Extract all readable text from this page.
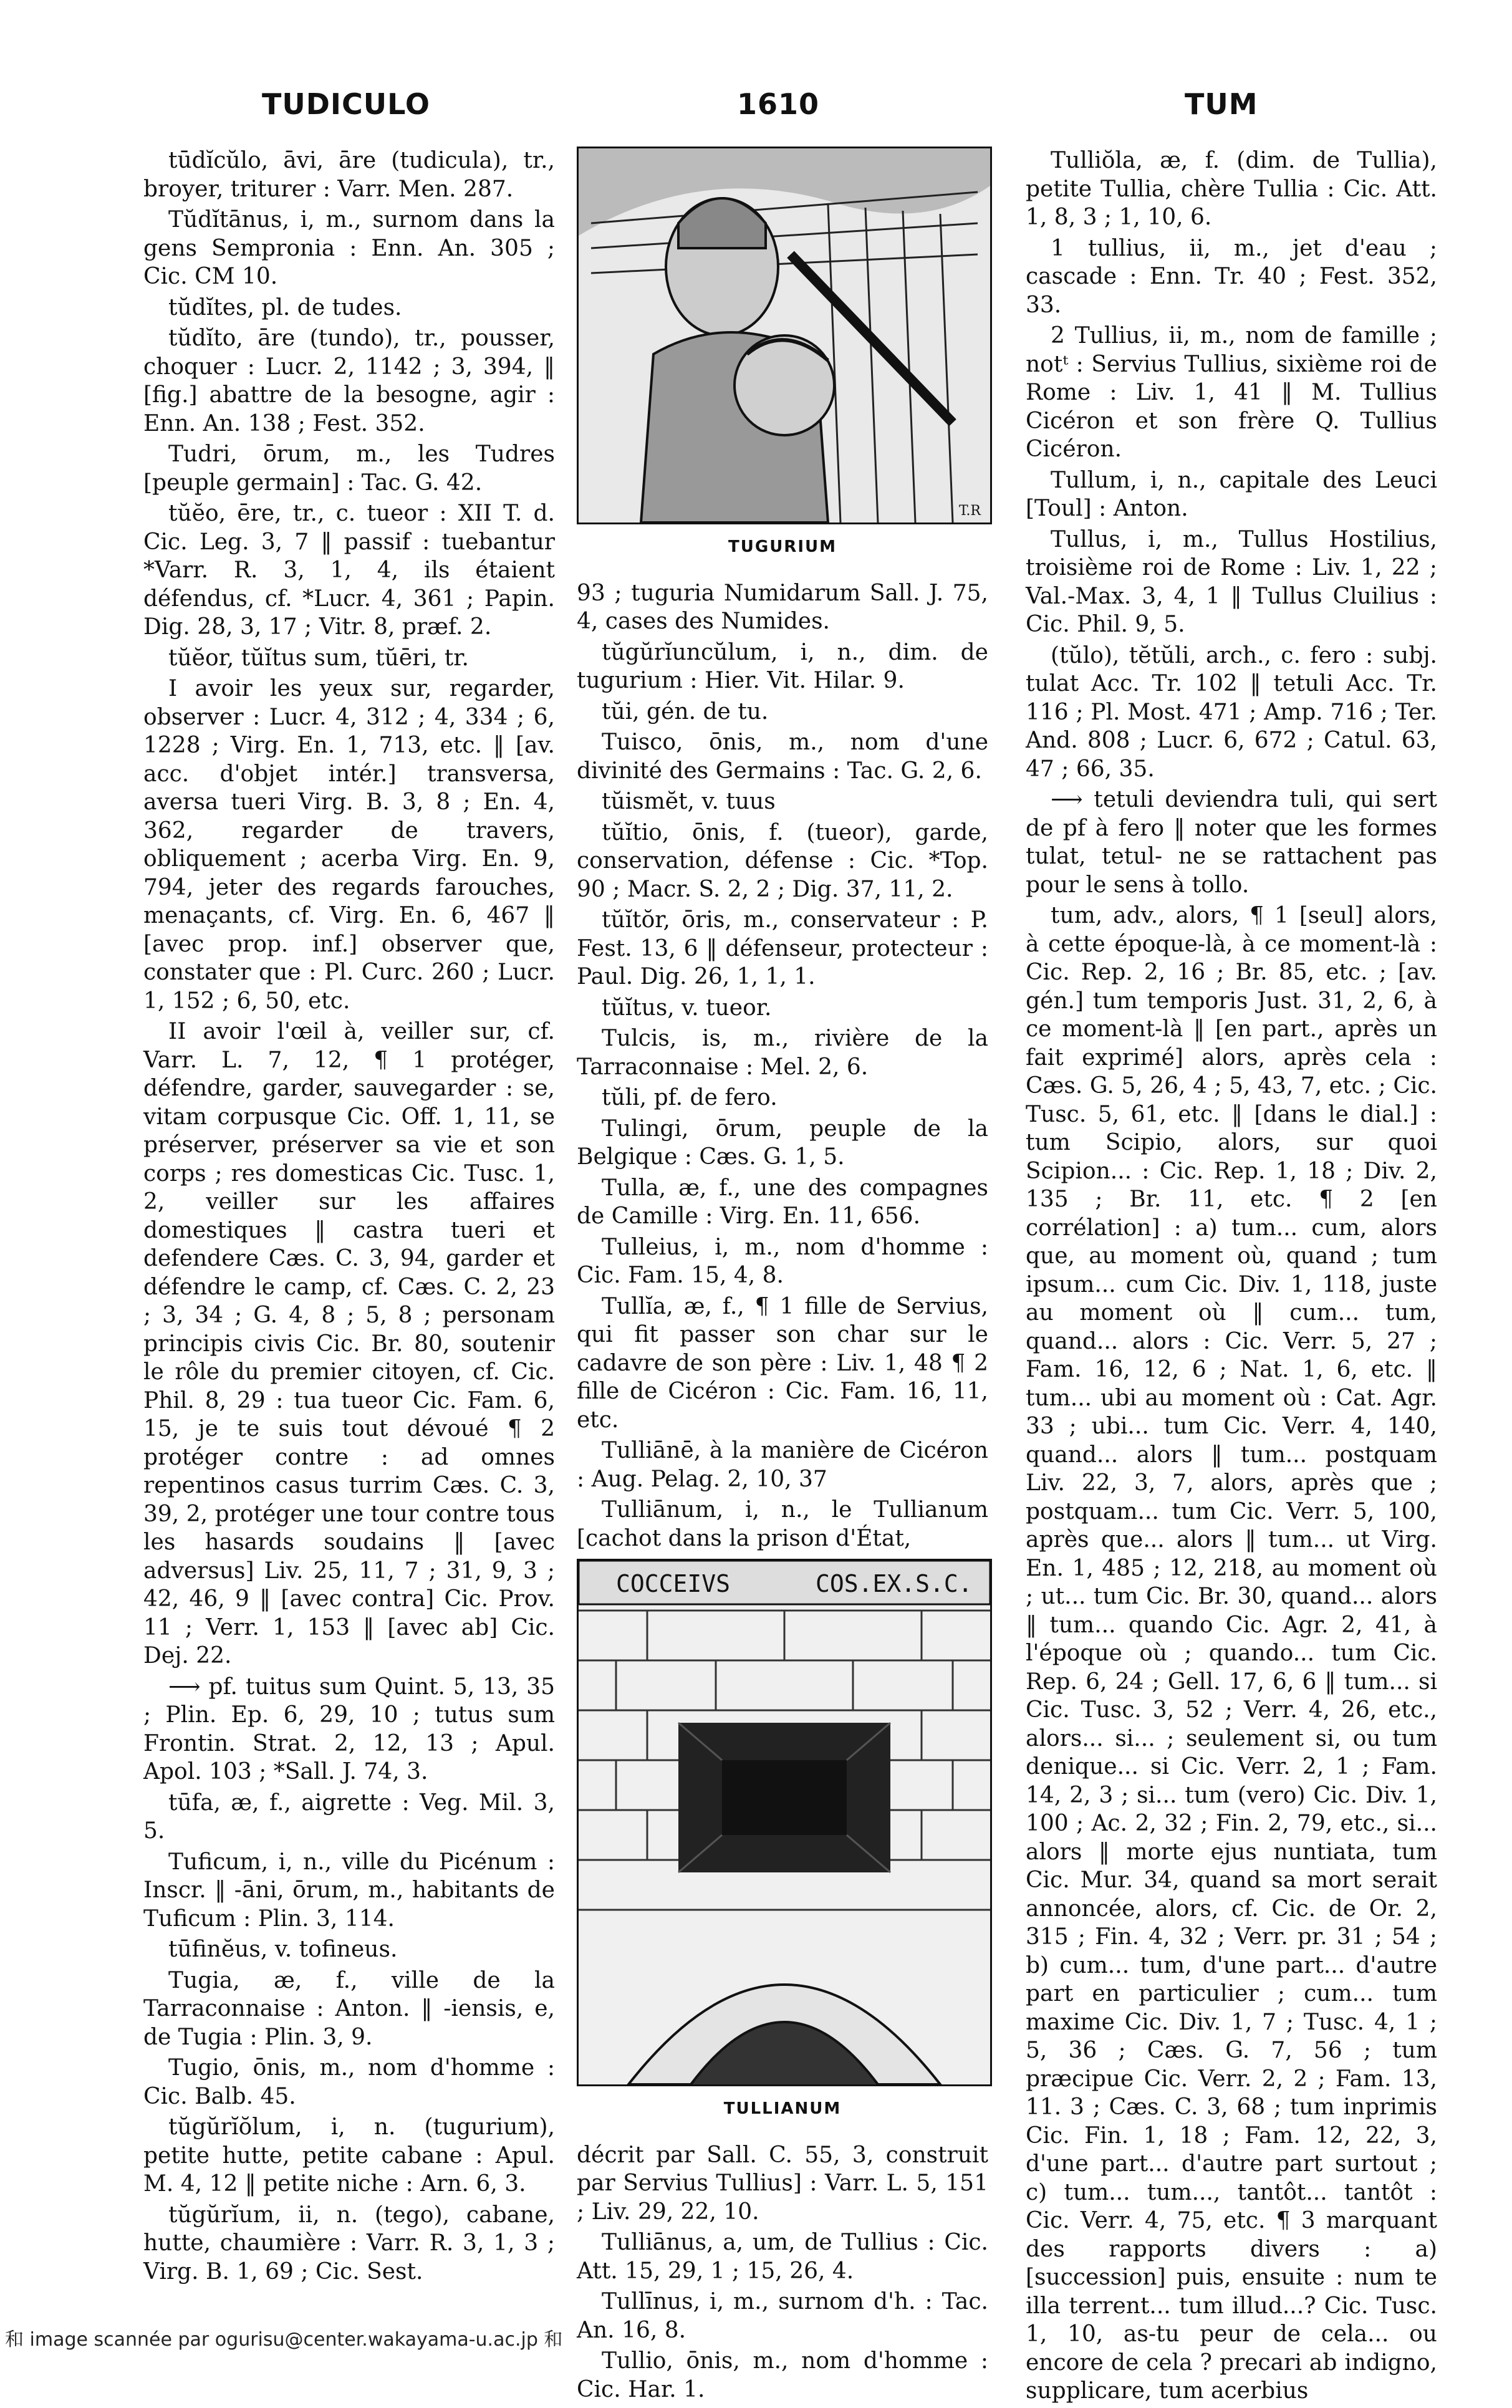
TUDICULO	1610	TUM

tūdĭcŭlo, āvi, āre (tudicula), tr., broyer, triturer : Varr. Men. 287.

Tŭdĭtānus, i, m., surnom dans la gens Sempronia : Enn. An. 305 ; Cic. CM 10.

tŭdĭtes, pl. de tudes.

tŭdĭto, āre (tundo), tr., pousser, choquer : Lucr. 2, 1142 ; 3, 394, ‖ [fig.] abattre de la besogne, agir : Enn. An. 138 ; Fest. 352.

Tudri, ōrum, m., les Tudres [peuple germain] : Tac. G. 42.

tŭĕo, ēre, tr., c. tueor : XII T. d. Cic. Leg. 3, 7 ‖ passif : tuebantur *Varr. R. 3, 1, 4, ils étaient défendus, cf. *Lucr. 4, 361 ; Papin. Dig. 28, 3, 17 ; Vitr. 8, præf. 2.

tŭĕor, tŭĭtus sum, tŭēri, tr.

I avoir les yeux sur, regarder, observer : Lucr. 4, 312 ; 4, 334 ; 6, 1228 ; Virg. En. 1, 713, etc. ‖ [av. acc. d'objet intér.] transversa, aversa tueri Virg. B. 3, 8 ; En. 4, 362, regarder de travers, obliquement ; acerba Virg. En. 9, 794, jeter des regards farouches, menaçants, cf. Virg. En. 6, 467 ‖ [avec prop. inf.] observer que, constater que : Pl. Curc. 260 ; Lucr. 1, 152 ; 6, 50, etc.

II avoir l'œil à, veiller sur, cf. Varr. L. 7, 12, ¶ 1 protéger, défendre, garder, sauvegarder : se, vitam corpusque Cic. Off. 1, 11, se préserver, préserver sa vie et son corps ; res domesticas Cic. Tusc. 1, 2, veiller sur les affaires domestiques ‖ castra tueri et defendere Cæs. C. 3, 94, garder et défendre le camp, cf. Cæs. C. 2, 23 ; 3, 34 ; G. 4, 8 ; 5, 8 ; personam principis civis Cic. Br. 80, soutenir le rôle du premier citoyen, cf. Cic. Phil. 8, 29 : tua tueor Cic. Fam. 6, 15, je te suis tout dévoué ¶ 2 protéger contre : ad omnes repentinos casus turrim Cæs. C. 3, 39, 2, protéger une tour contre tous les hasards soudains ‖ [avec adversus] Liv. 25, 11, 7 ; 31, 9, 3 ; 42, 46, 9 ‖ [avec contra] Cic. Prov. 11 ; Verr. 1, 153 ‖ [avec ab] Cic. Dej. 22.

⟶ pf. tuitus sum Quint. 5, 13, 35 ; Plin. Ep. 6, 29, 10 ; tutus sum Frontin. Strat. 2, 12, 13 ; Apul. Apol. 103 ; *Sall. J. 74, 3.

tūfa, æ, f., aigrette : Veg. Mil. 3, 5.

Tuficum, i, n., ville du Picénum : Inscr. ‖ -āni, ōrum, m., habitants de Tuficum : Plin. 3, 114.

tūfinĕus, v. tofineus.

Tugia, æ, f., ville de la Tarraconnaise : Anton. ‖ -iensis, e, de Tugia : Plin. 3, 9.

Tugio, ōnis, m., nom d'homme : Cic. Balb. 45.

tŭgŭrĭŏlum, i, n. (tugurium), petite hutte, petite cabane : Apul. M. 4, 12 ‖ petite niche : Arn. 6, 3.

tŭgŭrĭum, ii, n. (tego), cabane, hutte, chaumière : Varr. R. 3, 1, 3 ; Virg. B. 1, 69 ; Cic. Sest.

T.R
TUGURIUM

93 ; tuguria Numidarum Sall. J. 75, 4, cases des Numides.

tŭgŭrĭuncŭlum, i, n., dim. de tugurium : Hier. Vit. Hilar. 9.

tŭi, gén. de tu.

Tuisco, ōnis, m., nom d'une divinité des Germains : Tac. G. 2, 6.

tŭismĕt, v. tuus

tŭĭtio, ōnis, f. (tueor), garde, conservation, défense : Cic. *Top. 90 ; Macr. S. 2, 2 ; Dig. 37, 11, 2.

tŭĭtŏr, ōris, m., conservateur : P. Fest. 13, 6 ‖ défenseur, protecteur : Paul. Dig. 26, 1, 1, 1.

tŭĭtus, v. tueor.

Tulcis, is, m., rivière de la Tarraconnaise : Mel. 2, 6.

tŭli, pf. de fero.

Tulingi, ōrum, peuple de la Belgique : Cæs. G. 1, 5.

Tulla, æ, f., une des compagnes de Camille : Virg. En. 11, 656.

Tulleius, i, m., nom d'homme : Cic. Fam. 15, 4, 8.

Tullĭa, æ, f., ¶ 1 fille de Servius, qui fit passer son char sur le cadavre de son père : Liv. 1, 48 ¶ 2 fille de Cicéron : Cic. Fam. 16, 11, etc.

Tulliānē, à la manière de Cicéron : Aug. Pelag. 2, 10, 37

Tulliānum, i, n., le Tullianum [cachot dans la prison d'État,

COCCEIVS	COS.EX.S.C.
TULLIANUM

décrit par Sall. C. 55, 3, construit par Servius Tullius] : Varr. L. 5, 151 ; Liv. 29, 22, 10.

Tulliānus, a, um, de Tullius : Cic. Att. 15, 29, 1 ; 15, 26, 4.

Tullīnus, i, m., surnom d'h. : Tac. An. 16, 8.

Tullio, ōnis, m., nom d'homme : Cic. Har. 1.

Tulliŏla, æ, f. (dim. de Tullia), petite Tullia, chère Tullia : Cic. Att. 1, 8, 3 ; 1, 10, 6.

1 tullius, ii, m., jet d'eau ; cascade : Enn. Tr. 40 ; Fest. 352, 33.

2 Tullius, ii, m., nom de famille ; notᵗ : Servius Tullius, sixième roi de Rome : Liv. 1, 41 ‖ M. Tullius Cicéron et son frère Q. Tullius Cicéron.

Tullum, i, n., capitale des Leuci [Toul] : Anton.

Tullus, i, m., Tullus Hostilius, troisième roi de Rome : Liv. 1, 22 ; Val.-Max. 3, 4, 1 ‖ Tullus Cluilius : Cic. Phil. 9, 5.

(tŭlo), tĕtŭli, arch., c. fero : subj. tulat Acc. Tr. 102 ‖ tetuli Acc. Tr. 116 ; Pl. Most. 471 ; Amp. 716 ; Ter. And. 808 ; Lucr. 6, 672 ; Catul. 63, 47 ; 66, 35.

⟶ tetuli deviendra tuli, qui sert de pf à fero ‖ noter que les formes tulat, tetul- ne se rattachent pas pour le sens à tollo.

tum, adv., alors, ¶ 1 [seul] alors, à cette époque-là, à ce moment-là : Cic. Rep. 2, 16 ; Br. 85, etc. ; [av. gén.] tum temporis Just. 31, 2, 6, à ce moment-là ‖ [en part., après un fait exprimé] alors, après cela : Cæs. G. 5, 26, 4 ; 5, 43, 7, etc. ; Cic. Tusc. 5, 61, etc. ‖ [dans le dial.] : tum Scipio, alors, sur quoi Scipion... : Cic. Rep. 1, 18 ; Div. 2, 135 ; Br. 11, etc. ¶ 2 [en corrélation] : a) tum... cum, alors que, au moment où, quand ; tum ipsum... cum Cic. Div. 1, 118, juste au moment où ‖ cum... tum, quand... alors : Cic. Verr. 5, 27 ; Fam. 16, 12, 6 ; Nat. 1, 6, etc. ‖ tum... ubi au moment où : Cat. Agr. 33 ; ubi... tum Cic. Verr. 4, 140, quand... alors ‖ tum... postquam Liv. 22, 3, 7, alors, après que ; postquam... tum Cic. Verr. 5, 100, après que... alors ‖ tum... ut Virg. En. 1, 485 ; 12, 218, au moment où ; ut... tum Cic. Br. 30, quand... alors ‖ tum... quando Cic. Agr. 2, 41, à l'époque où ; quando... tum Cic. Rep. 6, 24 ; Gell. 17, 6, 6 ‖ tum... si Cic. Tusc. 3, 52 ; Verr. 4, 26, etc., alors... si... ; seulement si, ou tum denique... si Cic. Verr. 2, 1 ; Fam. 14, 2, 3 ; si... tum (vero) Cic. Div. 1, 100 ; Ac. 2, 32 ; Fin. 2, 79, etc., si... alors ‖ morte ejus nuntiata, tum Cic. Mur. 34, quand sa mort serait annoncée, alors, cf. Cic. de Or. 2, 315 ; Fin. 4, 32 ; Verr. pr. 31 ; 54 ; b) cum... tum, d'une part... d'autre part en particulier ; cum... tum maxime Cic. Div. 1, 7 ; Tusc. 4, 1 ; 5, 36 ; Cæs. G. 7, 56 ; tum præcipue Cic. Verr. 2, 2 ; Fam. 13, 11. 3 ; Cæs. C. 3, 68 ; tum inprimis Cic. Fin. 1, 18 ; Fam. 12, 22, 3, d'une part... d'autre part surtout ; c) tum... tum..., tantôt... tantôt : Cic. Verr. 4, 75, etc. ¶ 3 marquant des rapports divers : a) [succession] puis, ensuite : num te illa terrent... tum illud...? Cic. Tusc. 1, 10, as-tu peur de cela... ou encore de cela ? precari ab indigno, supplicare, tum acerbius

和 image scannée par ogurisu@center.wakayama-u.ac.jp 和
